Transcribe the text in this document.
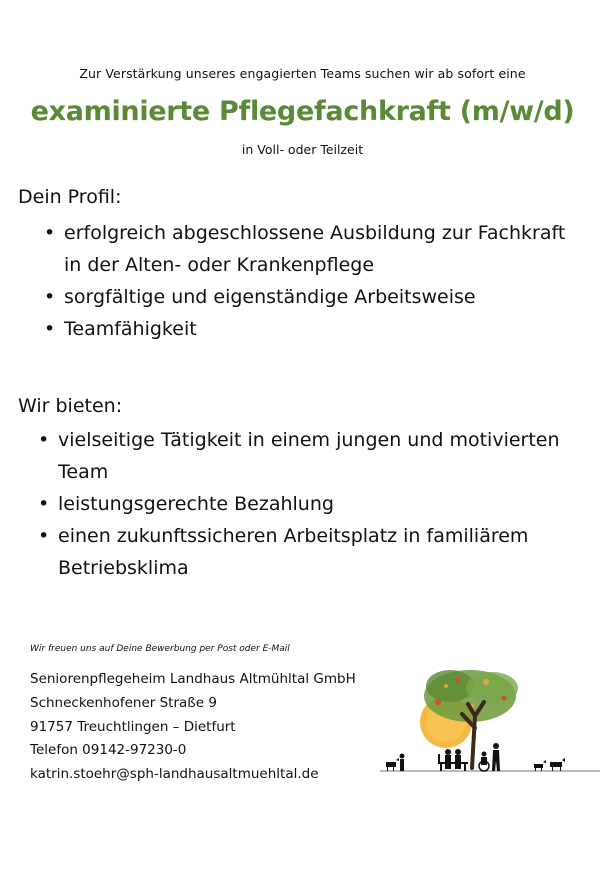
Zur Verstärkung unseres engagierten Teams suchen wir ab sofort eine
examinierte Pflegefachkraft (m/w/d)
in Voll- oder Teilzeit
Dein Profil:
• erfolgreich abgeschlossene Ausbildung zur Fachkraft in der Alten- oder Krankenpflege
• sorgfältige und eigenständige Arbeitsweise
• Teamfähigkeit
Wir bieten:
• vielseitige Tätigkeit in einem jungen und motivierten Team
• leistungsgerechte Bezahlung
• einen zukunftssicheren Arbeitsplatz in familiärem Betriebsklima
Wir freuen uns auf Deine Bewerbung per Post oder E-Mail
Seniorenpflegeheim Landhaus Altmühltal GmbH
Schneckenhofener Straße 9
91757 Treuchtlingen – Dietfurt
Telefon 09142-97230-0
katrin.stoehr@sph-landhausaltmuehltal.de
